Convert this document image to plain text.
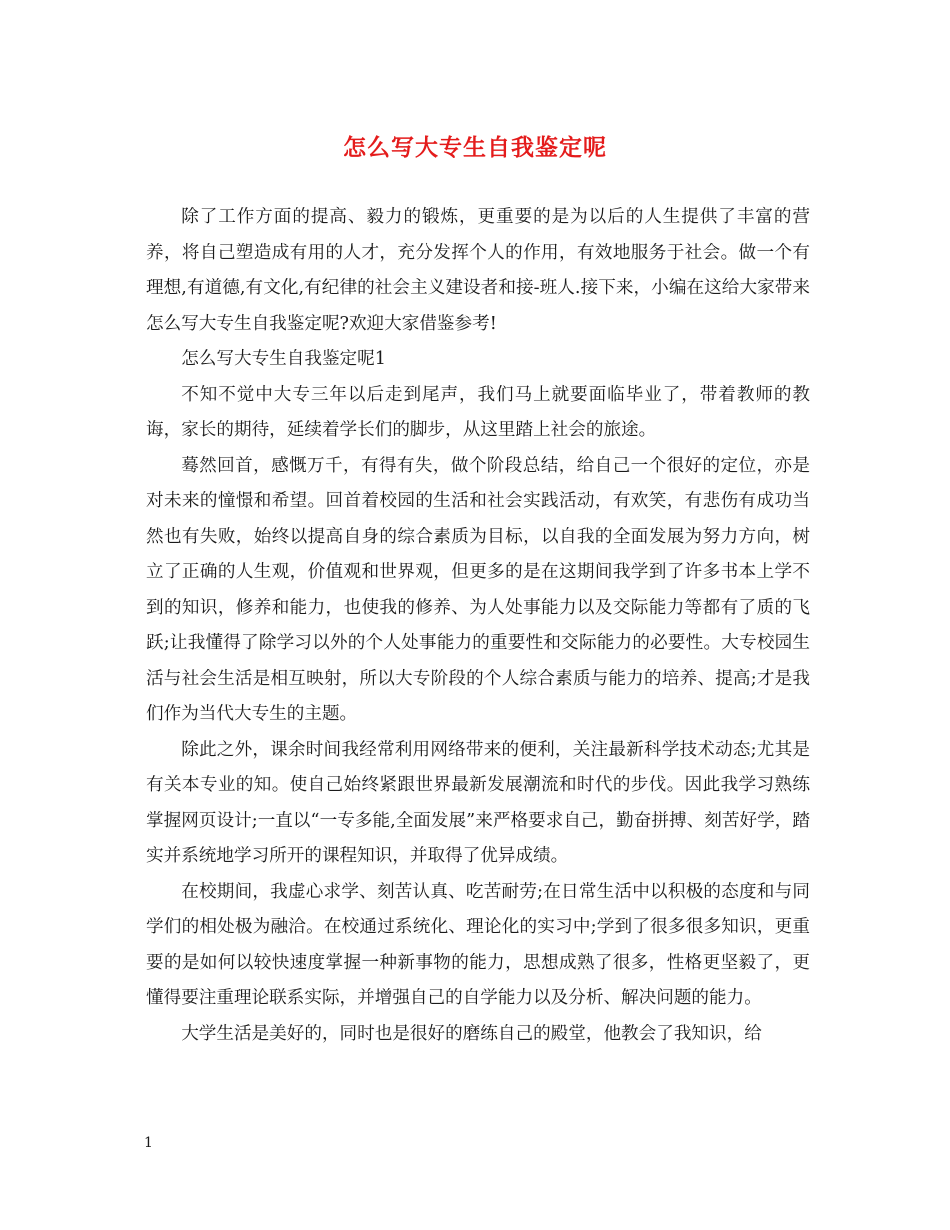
怎么写大专生自我鉴定呢

除了工作方面的提高、毅力的锻炼，更重要的是为以后的人生提供了丰富的营养，将自己塑造成有用的人才，充分发挥个人的作用，有效地服务于社会。做一个有理想,有道德,有文化,有纪律的社会主义建设者和接-班人.接下来，小编在这给大家带来怎么写大专生自我鉴定呢?欢迎大家借鉴参考!

怎么写大专生自我鉴定呢1

不知不觉中大专三年以后走到尾声，我们马上就要面临毕业了，带着教师的教诲，家长的期待，延续着学长们的脚步，从这里踏上社会的旅途。

蓦然回首，感慨万千，有得有失，做个阶段总结，给自己一个很好的定位，亦是对未来的憧憬和希望。回首着校园的生活和社会实践活动，有欢笑，有悲伤有成功当然也有失败，始终以提高自身的综合素质为目标，以自我的全面发展为努力方向，树立了正确的人生观，价值观和世界观，但更多的是在这期间我学到了许多书本上学不到的知识，修养和能力，也使我的修养、为人处事能力以及交际能力等都有了质的飞跃;让我懂得了除学习以外的个人处事能力的重要性和交际能力的必要性。大专校园生活与社会生活是相互映射，所以大专阶段的个人综合素质与能力的培养、提高;才是我们作为当代大专生的主题。

除此之外，课余时间我经常利用网络带来的便利，关注最新科学技术动态;尤其是有关本专业的知。使自己始终紧跟世界最新发展潮流和时代的步伐。因此我学习熟练掌握网页设计;一直以“一专多能,全面发展”来严格要求自己，勤奋拼搏、刻苦好学，踏实并系统地学习所开的课程知识，并取得了优异成绩。

在校期间，我虚心求学、刻苦认真、吃苦耐劳;在日常生活中以积极的态度和与同学们的相处极为融洽。在校通过系统化、理论化的实习中;学到了很多很多知识，更重要的是如何以较快速度掌握一种新事物的能力，思想成熟了很多，性格更坚毅了，更懂得要注重理论联系实际，并增强自己的自学能力以及分析、解决问题的能力。

大学生活是美好的，同时也是很好的磨练自己的殿堂，他教会了我知识，给

1
